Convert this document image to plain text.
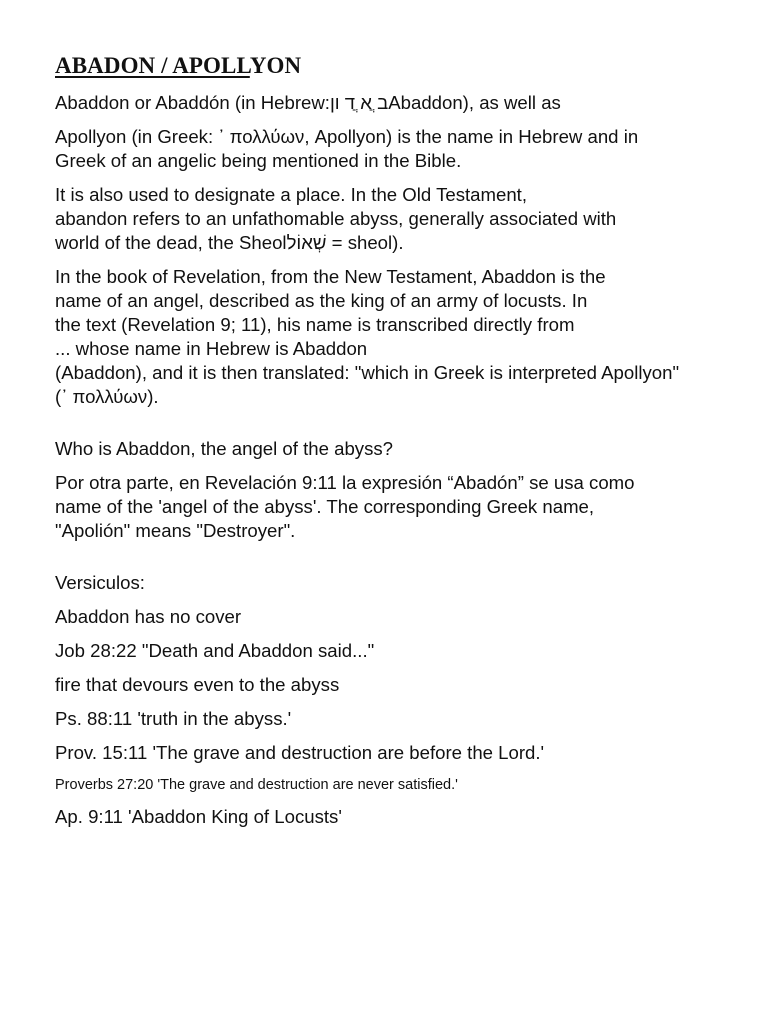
ABADON / APOLLYON
Abaddon or Abaddón (in Hebrew:ב ֲא ֲד וןAbaddon), as well as
Apollyon (in Greek: ᾿ πολλύων, Apollyon) is the name in Hebrew and in
Greek of an angelic being mentioned in the Bible.
It is also used to designate a place. In the Old Testament,
abandon refers to an unfathomable abyss, generally associated with
world of the dead, the Sheolשְׁאוֹל = sheol).
In the book of Revelation, from the New Testament, Abaddon is the
name of an angel, described as the king of an army of locusts. In
the text (Revelation 9; 11), his name is transcribed directly from
... whose name in Hebrew is Abaddon
(Abaddon), and it is then translated: "which in Greek is interpreted Apollyon"
(᾿ πολλύων).
Who is Abaddon, the angel of the abyss?
Por otra parte, en Revelación 9:11 la expresión “Abadón” se usa como
name of the 'angel of the abyss'. The corresponding Greek name,
"Apolión" means "Destroyer".
Versiculos:
Abaddon has no cover
Job 28:22 "Death and Abaddon said..."
fire that devours even to the abyss
Ps. 88:11 'truth in the abyss.'
Prov. 15:11 'The grave and destruction are before the Lord.'
Proverbs 27:20 'The grave and destruction are never satisfied.'
Ap. 9:11 'Abaddon King of Locusts'
